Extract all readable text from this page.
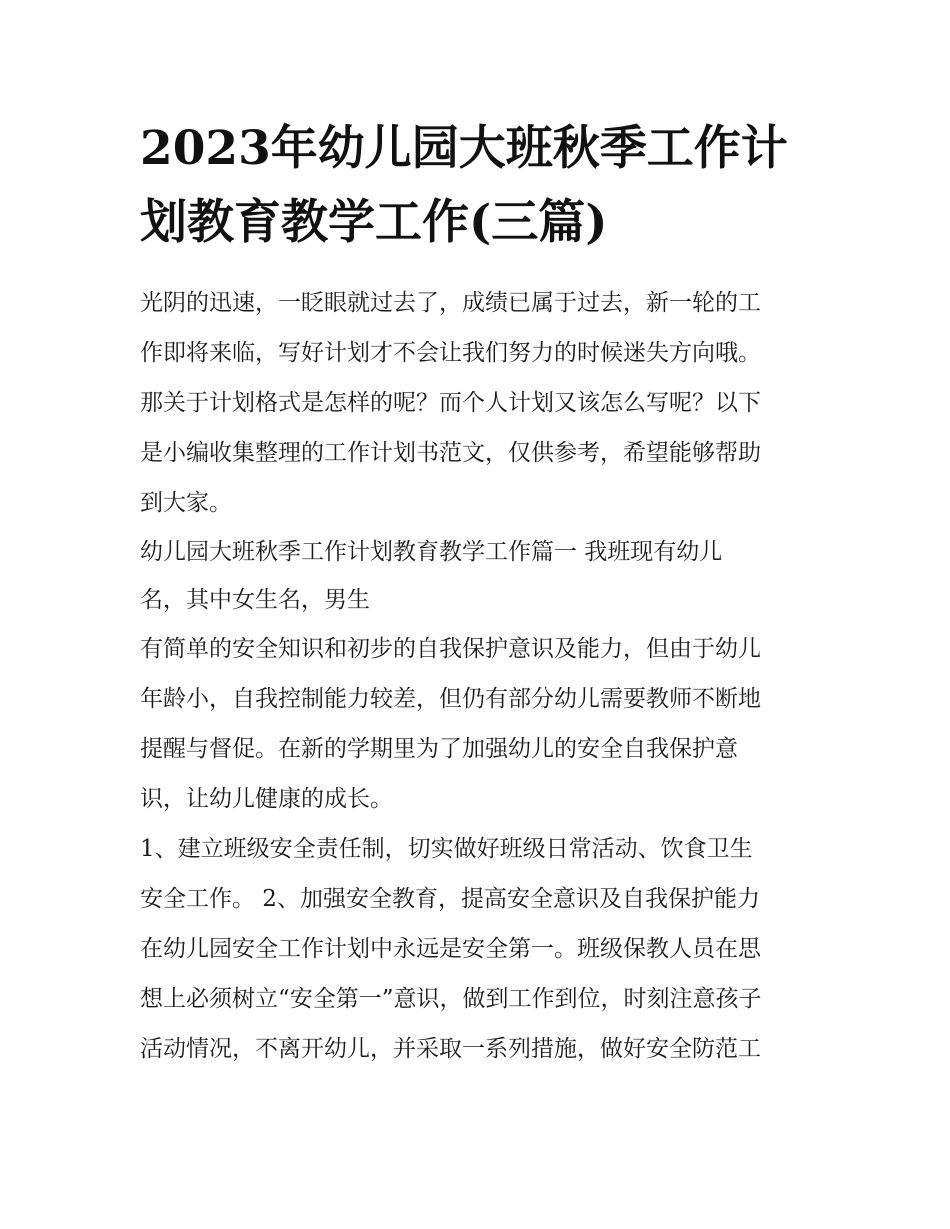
2023年幼儿园大班秋季工作计
划教育教学工作(三篇)
光阴的迅速，一眨眼就过去了，成绩已属于过去，新一轮的工
作即将来临，写好计划才不会让我们努力的时候迷失方向哦。
那关于计划格式是怎样的呢？而个人计划又该怎么写呢？以下
是小编收集整理的工作计划书范文，仅供参考，希望能够帮助
到大家。
幼儿园大班秋季工作计划教育教学工作篇一 我班现有幼儿
名，其中女生名，男生
有简单的安全知识和初步的自我保护意识及能力，但由于幼儿
年龄小，自我控制能力较差，但仍有部分幼儿需要教师不断地
提醒与督促。在新的学期里为了加强幼儿的安全自我保护意
识，让幼儿健康的成长。
1、建立班级安全责任制，切实做好班级日常活动、饮食卫生
安全工作。 2、加强安全教育，提高安全意识及自我保护能力
在幼儿园安全工作计划中永远是安全第一。班级保教人员在思
想上必须树立“安全第一”意识，做到工作到位，时刻注意孩子
活动情况，不离开幼儿，并采取一系列措施，做好安全防范工
